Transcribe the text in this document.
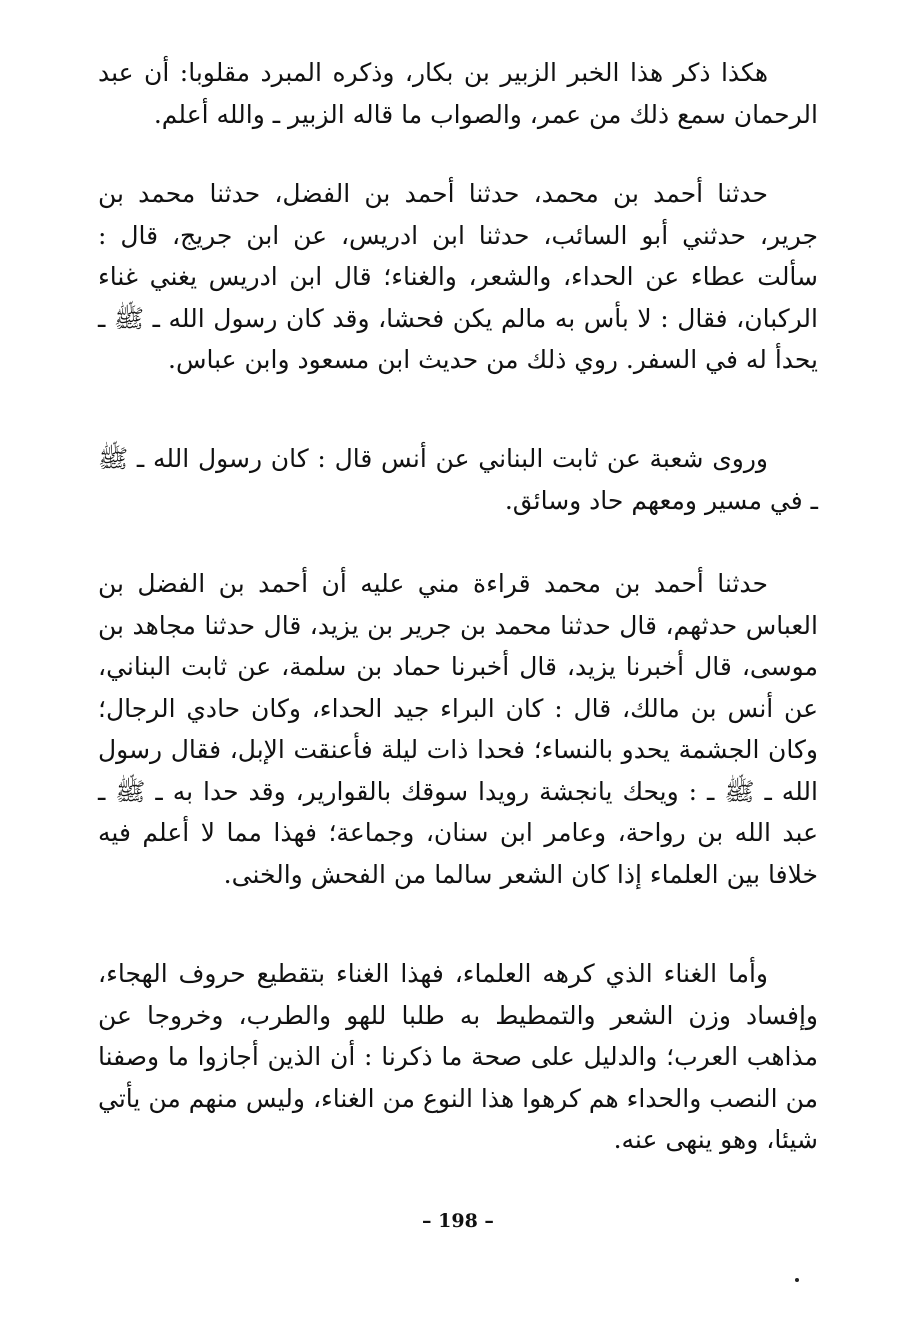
هكذا ذكر هذا الخبر الزبير بن بكار، وذكره المبرد مقلوبا: أن عبد الرحمان سمع ذلك من عمر، والصواب ما قاله الزبير ـ والله أعلم.

حدثنا أحمد بن محمد، حدثنا أحمد بن الفضل، حدثنا محمد بن جرير، حدثني أبو السائب، حدثنا ابن ادريس، عن ابن جريج، قال : سألت عطاء عن الحداء، والشعر، والغناء؛ قال ابن ادريس يغني غناء الركبان، فقال : لا بأس به مالم يكن فحشا، وقد كان رسول الله ـ ﷺ ـ يحدأ له في السفر. روي ذلك من حديث ابن مسعود وابن عباس.

وروى شعبة عن ثابت البناني عن أنس قال : كان رسول الله ـ ﷺ ـ في مسير ومعهم حاد وسائق.

حدثنا أحمد بن محمد قراءة مني عليه أن أحمد بن الفضل بن العباس حدثهم، قال حدثنا محمد بن جرير بن يزيد، قال حدثنا مجاهد بن موسى، قال أخبرنا يزيد، قال أخبرنا حماد بن سلمة، عن ثابت البناني، عن أنس بن مالك، قال : كان البراء جيد الحداء، وكان حادي الرجال؛ وكان الجشمة يحدو بالنساء؛ فحدا ذات ليلة فأعنقت الإبل، فقال رسول الله ـ ﷺ ـ : ويحك يانجشة رويدا سوقك بالقوارير، وقد حدا به ـ ﷺ ـ عبد الله بن رواحة، وعامر ابن سنان، وجماعة؛ فهذا مما لا أعلم فيه خلافا بين العلماء إذا كان الشعر سالما من الفحش والخنى.

وأما الغناء الذي كرهه العلماء، فهذا الغناء بتقطيع حروف الهجاء، وإفساد وزن الشعر والتمطيط به طلبا للهو والطرب، وخروجا عن مذاهب العرب؛ والدليل على صحة ما ذكرنا : أن الذين أجازوا ما وصفنا من النصب والحداء هم كرهوا هذا النوع من الغناء، وليس منهم من يأتي شيئا، وهو ينهى عنه.

– 198 –
